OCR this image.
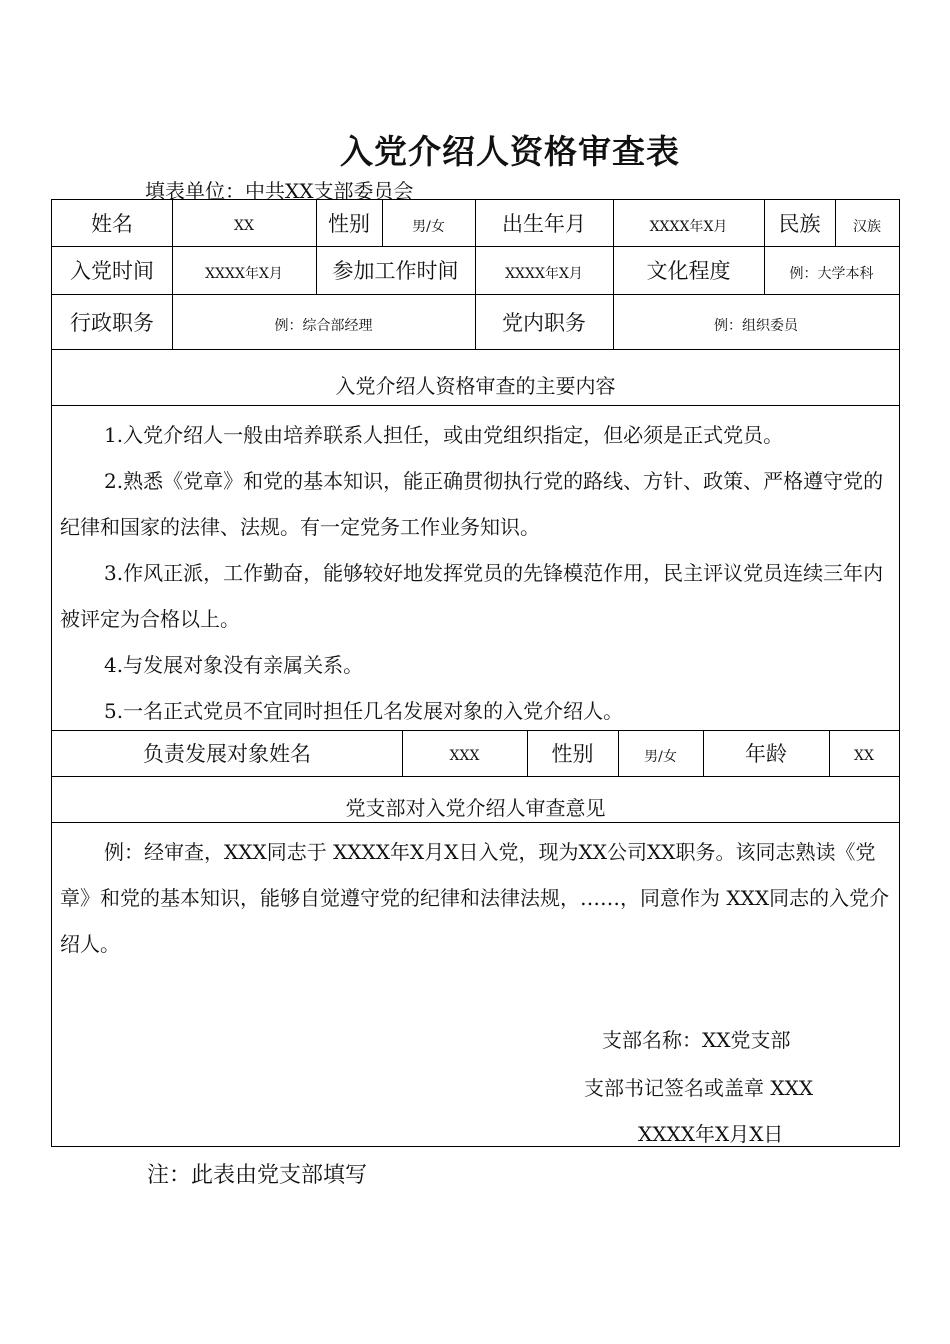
入党介绍人资格审查表
填表单位：中共XX支部委员会
姓名	XX	性别	男/女	出生年月	XXXX年X月	民族	汉族
入党时间	XXXX年X月	参加工作时间	XXXX年X月	文化程度	例：大学本科
行政职务	例：综合部经理	党内职务	例：组织委员
入党介绍人资格审查的主要内容

1.入党介绍人一般由培养联系人担任，或由党组织指定，但必须是正式党员。

2.熟悉《党章》和党的基本知识，能正确贯彻执行党的路线、方针、政策、严格遵守党的纪律和国家的法律、法规。有一定党务工作业务知识。

3.作风正派，工作勤奋，能够较好地发挥党员的先锋模范作用，民主评议党员连续三年内被评定为合格以上。

4.与发展对象没有亲属关系。

5.一名正式党员不宜同时担任几名发展对象的入党介绍人。

负责发展对象姓名	XXX	性别	男/女	年龄	XX
党支部对入党介绍人审查意见

例：经审查，XXX同志于 XXXX年X月X日入党，现为XX公司XX职务。该同志熟读《党章》和党的基本知识，能够自觉遵守党的纪律和法律法规，……，同意作为 XXX同志的入党介绍人。

支部名称：XX党支部
支部书记签名或盖章 XXX
XXXX年X月X日
注：此表由党支部填写
